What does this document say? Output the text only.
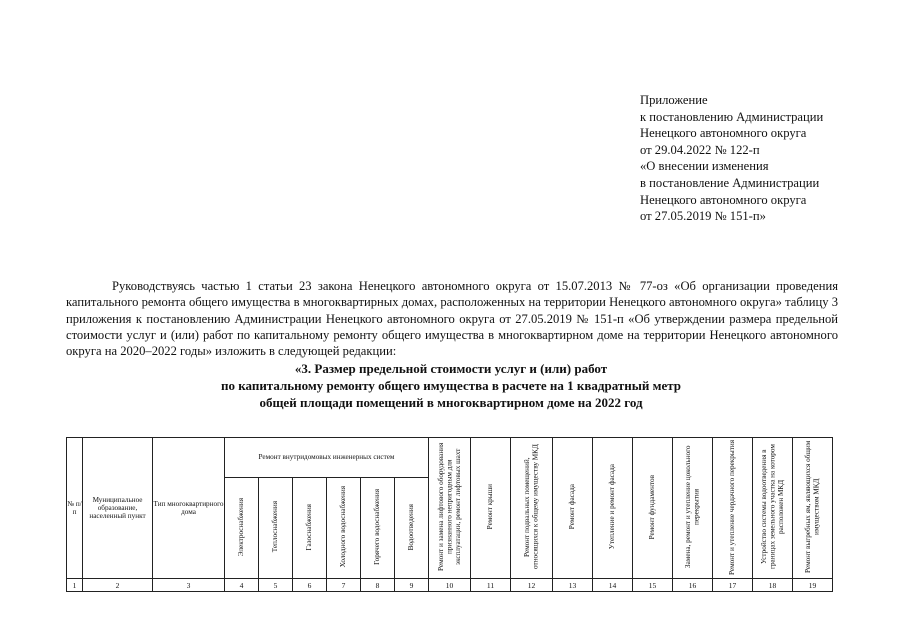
Приложение
к постановлению Администрации
Ненецкого автономного округа
от 29.04.2022 № 122-п
«О внесении изменения
в постановление Администрации
Ненецкого автономного округа
от 27.05.2019 № 151-п»
Руководствуясь частью 1 статьи 23 закона Ненецкого автономного округа от 15.07.2013 № 77-оз «Об организации проведения капитального ремонта общего имущества в многоквартирных домах, расположенных на территории Ненецкого автономного округа» таблицу 3 приложения к постановлению Администрации Ненецкого автономного округа от 27.05.2019 № 151-п «Об утверждении размера предельной стоимости услуг и (или) работ по капитальному ремонту общего имущества в многоквартирном доме на территории Ненецкого автономного округа на 2020–2022 годы» изложить в следующей редакции:
«3. Размер предельной стоимости услуг и (или) работ
по капитальному ремонту общего имущества в расчете на 1 квадратный метр
общей площади помещений в многоквартирном доме на 2022 год
№ п/п	Муниципальное образование, населенный пункт	Тип многоквартирного дома	Ремонт внутридомовых инженерных систем						Ремонт и замена лифтового оборудования признанного непригодным для эксплуатации, ремонт лифтовых шахт	Ремонт крыши	Ремонт подвальных помещений, относящихся к общему имуществу МКД	Ремонт фасада	Утепление и ремонт фасада	Ремонт фундаментов	Замена, ремонт и утепление цокольного перекрытия	Ремонт и утепление чердачного перекрытия	Устройство системы водоотведения в границах земельного участка на котором расположен МКД	Ремонт выгребных ям, являющихся общим имуществом МКД
			Электроснабжения	Теплоснабжения	Газоснабжения	Холодного водоснабжения	Горячего водоснабжения	Водоотведения										
1	2	3	4	5	6	7	8	9	10	11	12	13	14	15	16	17	18	19
